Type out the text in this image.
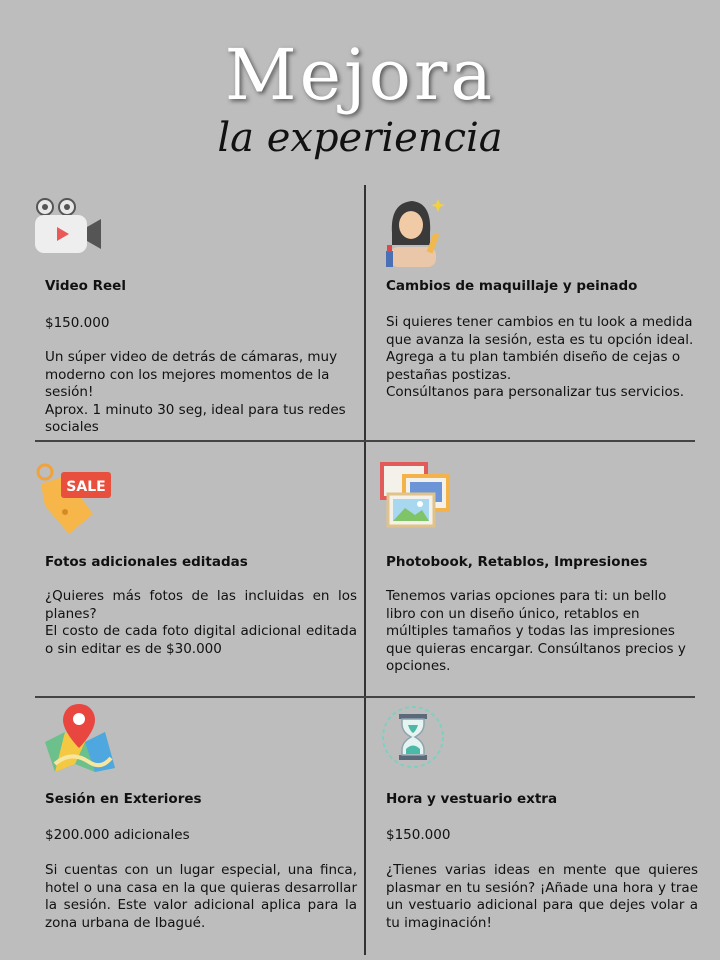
Mejora
la experiencia
Video Reel
$150.000
Un súper video de detrás de cámaras, muy moderno con los mejores momentos de la sesión!
Aprox. 1 minuto 30 seg, ideal para tus redes sociales
Cambios de maquillaje y peinado
Si quieres tener cambios en tu look a medida que avanza la sesión, esta es tu opción ideal.
Agrega a tu plan también diseño de cejas o pestañas postizas.
Consúltanos para personalizar tus servicios.
SALE
Fotos adicionales editadas
¿Quieres más fotos de las incluidas en los planes?
El costo de cada foto digital adicional editada o sin editar es de $30.000
Photobook, Retablos, Impresiones
Tenemos varias opciones para ti: un bello libro con un diseño único, retablos en múltiples tamaños y todas las impresiones que quieras encargar. Consúltanos precios y opciones.
Sesión en Exteriores
$200.000 adicionales
Si cuentas con un lugar especial, una finca, hotel o una casa en la que quieras desarrollar la sesión. Este valor adicional aplica para la zona urbana de Ibagué.
Hora y vestuario extra
$150.000
¿Tienes varias ideas en mente que quieres plasmar en tu sesión? ¡Añade una hora y trae un vestuario adicional para que dejes volar a tu imaginación!
